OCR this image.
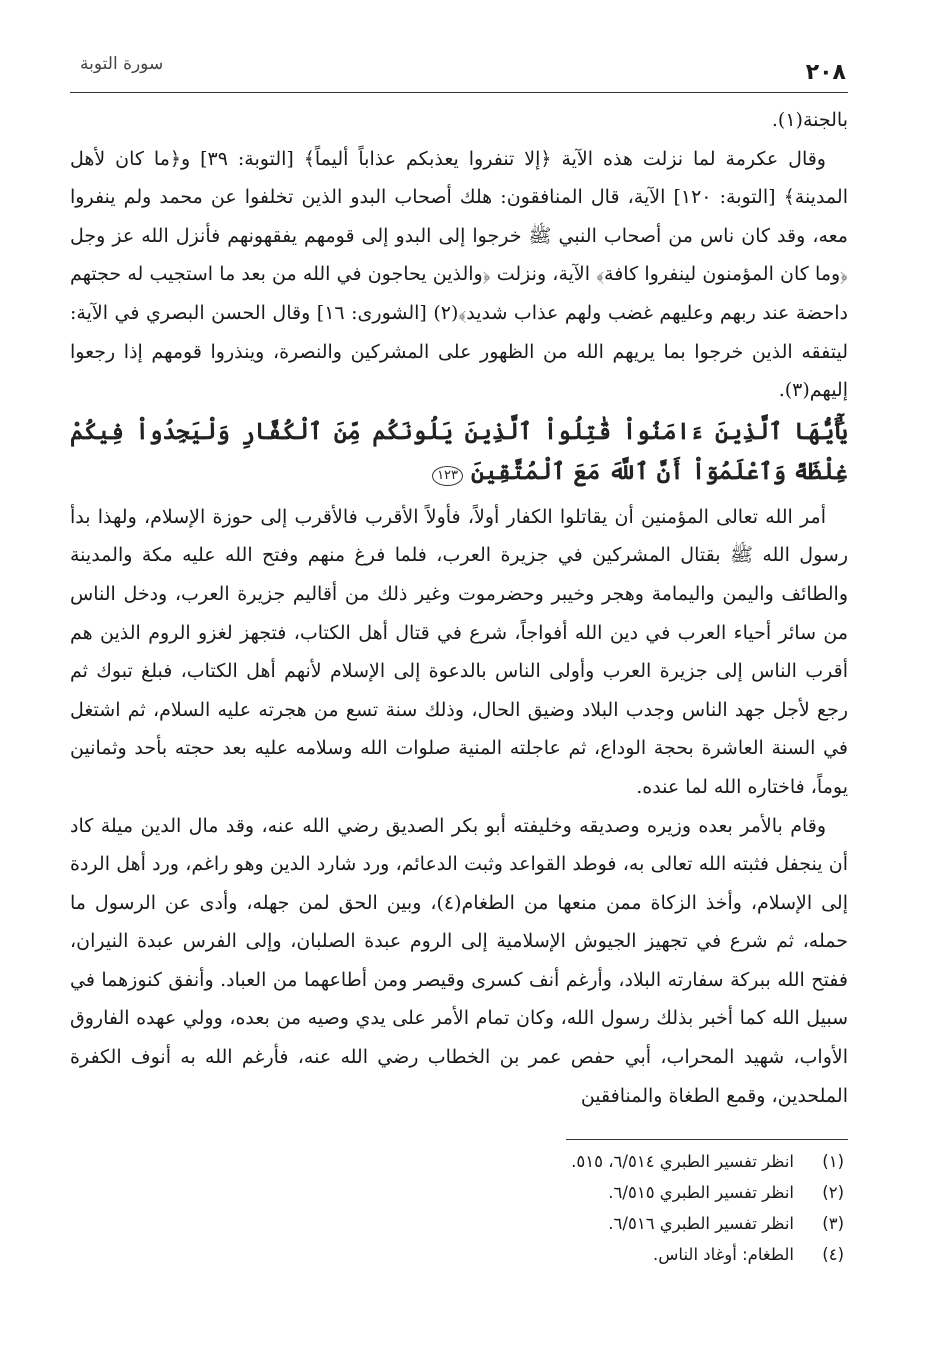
٢٠٨
سورة التوبة

بالجنة(١).

وقال عكرمة لما نزلت هذه الآية ﴿إلا تنفروا يعذبكم عذاباً أليماً﴾ [التوبة: ٣٩] و﴿ما كان لأهل المدينة﴾ [التوبة: ١٢٠] الآية، قال المنافقون: هلك أصحاب البدو الذين تخلفوا عن محمد ولم ينفروا معه، وقد كان ناس من أصحاب النبي ﷺ خرجوا إلى البدو إلى قومهم يفقهونهم فأنزل الله عز وجل ﴿وما كان المؤمنون لينفروا كافة﴾ الآية، ونزلت ﴿والذين يحاجون في الله من بعد ما استجيب له حجتهم داحضة عند ربهم وعليهم غضب ولهم عذاب شديد﴾(٢) [الشورى: ١٦] وقال الحسن البصري في الآية: ليتفقه الذين خرجوا بما يريهم الله من الظهور على المشركين والنصرة، وينذروا قومهم إذا رجعوا إليهم(٣).

يَٰٓأَيُّهَا ٱلَّذِينَ ءَامَنُواْ قَٰتِلُواْ ٱلَّذِينَ يَلُونَكُم مِّنَ ٱلْكُفَّارِ وَلْيَجِدُواْ فِيكُمْ غِلْظَةً وَٱعْلَمُوٓاْ أَنَّ ٱللَّهَ مَعَ ٱلْمُتَّقِينَ ١٢٣

أمر الله تعالى المؤمنين أن يقاتلوا الكفار أولاً، فأولاً الأقرب فالأقرب إلى حوزة الإسلام، ولهذا بدأ رسول الله ﷺ بقتال المشركين في جزيرة العرب، فلما فرغ منهم وفتح الله عليه مكة والمدينة والطائف واليمن واليمامة وهجر وخيبر وحضرموت وغير ذلك من أقاليم جزيرة العرب، ودخل الناس من سائر أحياء العرب في دين الله أفواجاً، شرع في قتال أهل الكتاب، فتجهز لغزو الروم الذين هم أقرب الناس إلى جزيرة العرب وأولى الناس بالدعوة إلى الإسلام لأنهم أهل الكتاب، فبلغ تبوك ثم رجع لأجل جهد الناس وجدب البلاد وضيق الحال، وذلك سنة تسع من هجرته عليه السلام، ثم اشتغل في السنة العاشرة بحجة الوداع، ثم عاجلته المنية صلوات الله وسلامه عليه بعد حجته بأحد وثمانين يوماً، فاختاره الله لما عنده.

وقام بالأمر بعده وزيره وصديقه وخليفته أبو بكر الصديق رضي الله عنه، وقد مال الدين ميلة كاد أن ينجفل فثبته الله تعالى به، فوطد القواعد وثبت الدعائم، ورد شارد الدين وهو راغم، ورد أهل الردة إلى الإسلام، وأخذ الزكاة ممن منعها من الطغام(٤)، وبين الحق لمن جهله، وأدى عن الرسول ما حمله، ثم شرع في تجهيز الجيوش الإسلامية إلى الروم عبدة الصلبان، وإلى الفرس عبدة النيران، ففتح الله ببركة سفارته البلاد، وأرغم أنف كسرى وقيصر ومن أطاعهما من العباد. وأنفق كنوزهما في سبيل الله كما أخبر بذلك رسول الله، وكان تمام الأمر على يدي وصيه من بعده، وولي عهده الفاروق الأواب، شهيد المحراب، أبي حفص عمر بن الخطاب رضي الله عنه، فأرغم الله به أنوف الكفرة الملحدين، وقمع الطغاة والمنافقين

(١)
انظر تفسير الطبري ٦/٥١٤، ٥١٥.
(٢)
انظر تفسير الطبري ٦/٥١٥.
(٣)
انظر تفسير الطبري ٦/٥١٦.
(٤)
الطغام: أوغاد الناس.
